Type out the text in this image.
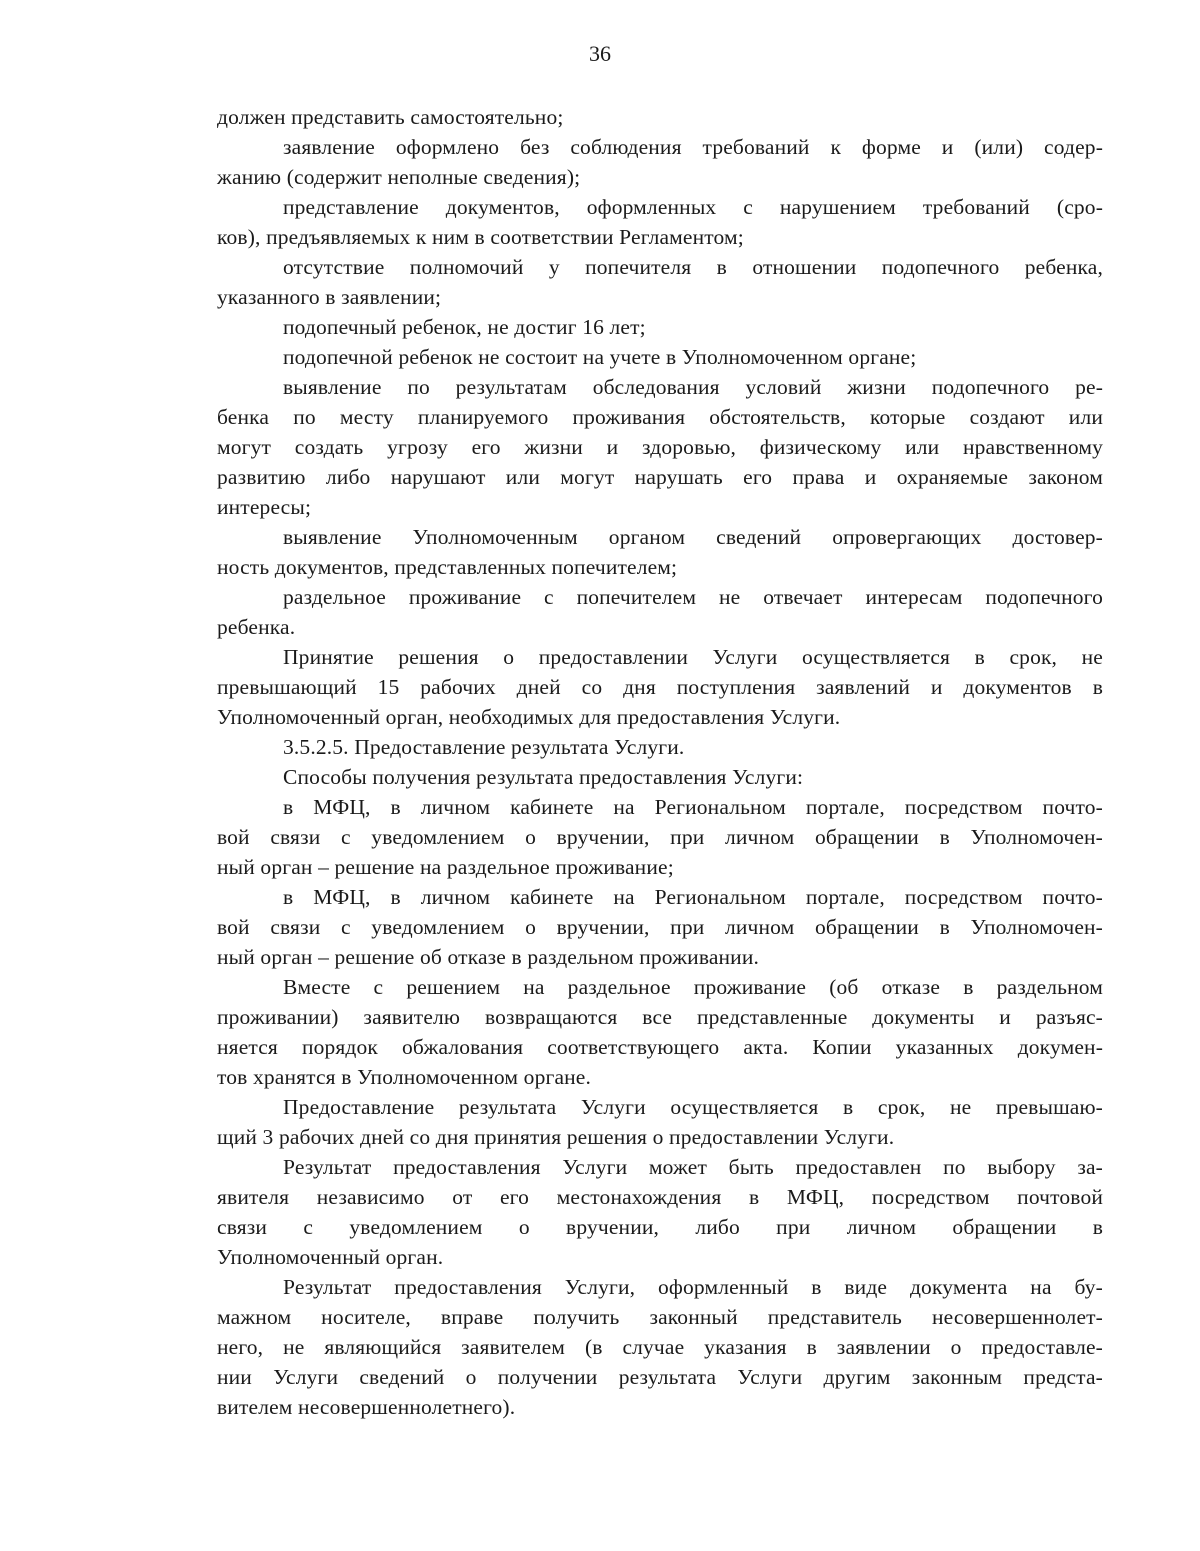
36
должен представить самостоятельно;
заявление оформлено без соблюдения требований к форме и (или) содер-
жанию (содержит неполные сведения);
представление документов, оформленных с нарушением требований (сро-
ков), предъявляемых к ним в соответствии Регламентом;
отсутствие полномочий у попечителя в отношении подопечного ребенка,
указанного в заявлении;
подопечный ребенок, не достиг 16 лет;
подопечной ребенок не состоит на учете в Уполномоченном органе;
выявление по результатам обследования условий жизни подопечного ре-
бенка по месту планируемого проживания обстоятельств, которые создают или
могут создать угрозу его жизни и здоровью, физическому или нравственному
развитию либо нарушают или могут нарушать его права и охраняемые законом
интересы;
выявление Уполномоченным органом сведений опровергающих достовер-
ность документов, представленных попечителем;
раздельное проживание с попечителем не отвечает интересам подопечного
ребенка.
Принятие решения о предоставлении Услуги осуществляется в срок, не
превышающий 15 рабочих дней со дня поступления заявлений и документов в
Уполномоченный орган, необходимых для предоставления Услуги.
3.5.2.5. Предоставление результата Услуги.
Способы получения результата предоставления Услуги:
в МФЦ, в личном кабинете на Региональном портале, посредством почто-
вой связи с уведомлением о вручении, при личном обращении в Уполномочен-
ный орган – решение на раздельное проживание;
в МФЦ, в личном кабинете на Региональном портале, посредством почто-
вой связи с уведомлением о вручении, при личном обращении в Уполномочен-
ный орган – решение об отказе в раздельном проживании.
Вместе с решением на раздельное проживание (об отказе в раздельном
проживании) заявителю возвращаются все представленные документы и разъяс-
няется порядок обжалования соответствующего акта. Копии указанных докумен-
тов хранятся в Уполномоченном органе.
Предоставление результата Услуги осуществляется в срок, не превышаю-
щий 3 рабочих дней со дня принятия решения о предоставлении Услуги.
Результат предоставления Услуги может быть предоставлен по выбору за-
явителя независимо от его местонахождения в МФЦ, посредством почтовой
связи с уведомлением о вручении, либо при личном обращении в
Уполномоченный орган.
Результат предоставления Услуги, оформленный в виде документа на бу-
мажном носителе, вправе получить законный представитель несовершеннолет-
него, не являющийся заявителем (в случае указания в заявлении о предоставле-
нии Услуги сведений о получении результата Услуги другим законным предста-
вителем несовершеннолетнего).
